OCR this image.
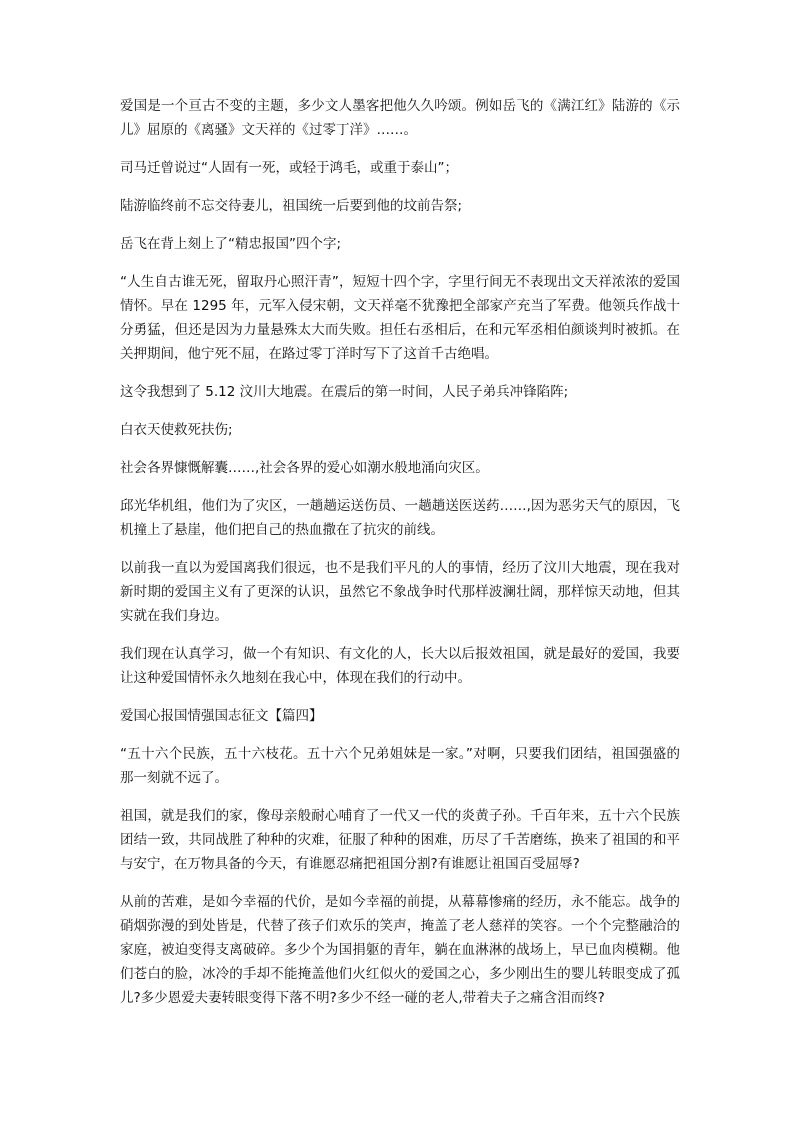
爱国是一个亘古不变的主题，多少文人墨客把他久久吟颂。例如岳飞的《满江红》陆游的《示儿》屈原的《离骚》文天祥的《过零丁洋》……。

司马迁曾说过“人固有一死，或轻于鸿毛，或重于泰山”；

陆游临终前不忘交待妻儿，祖国统一后要到他的坟前告祭;

岳飞在背上刻上了“精忠报国”四个字;

“人生自古谁无死，留取丹心照汗青”，短短十四个字，字里行间无不表现出文天祥浓浓的爱国情怀。早在 1295 年，元军入侵宋朝，文天祥毫不犹豫把全部家产充当了军费。他领兵作战十分勇猛，但还是因为力量悬殊太大而失败。担任右丞相后，在和元军丞相伯颜谈判时被抓。在关押期间，他宁死不屈，在路过零丁洋时写下了这首千古绝唱。

这令我想到了 5.12 汶川大地震。在震后的第一时间，人民子弟兵冲锋陷阵;

白衣天使救死扶伤;

社会各界慷慨解囊……,社会各界的爱心如潮水般地涌向灾区。

邱光华机组，他们为了灾区，一趟趟运送伤员、一趟趟送医送药……,因为恶劣天气的原因，飞机撞上了悬崖，他们把自己的热血撒在了抗灾的前线。

以前我一直以为爱国离我们很远，也不是我们平凡的人的事情，经历了汶川大地震，现在我对新时期的爱国主义有了更深的认识，虽然它不象战争时代那样波澜壮阔，那样惊天动地，但其实就在我们身边。

我们现在认真学习，做一个有知识、有文化的人，长大以后报效祖国，就是最好的爱国，我要让这种爱国情怀永久地刻在我心中，体现在我们的行动中。

爱国心报国情强国志征文【篇四】

“五十六个民族，五十六枝花。五十六个兄弟姐妹是一家。”对啊，只要我们团结，祖国强盛的那一刻就不远了。

祖国，就是我们的家，像母亲般耐心哺育了一代又一代的炎黄子孙。千百年来，五十六个民族团结一致，共同战胜了种种的灾难，征服了种种的困难，历尽了千苦磨练，换来了祖国的和平与安宁，在万物具备的今天，有谁愿忍痛把祖国分割?有谁愿让祖国百受屈辱?

从前的苦难，是如今幸福的代价，是如今幸福的前提，从幕幕惨痛的经历，永不能忘。战争的硝烟弥漫的到处皆是，代替了孩子们欢乐的笑声，掩盖了老人慈祥的笑容。一个个完整融洽的家庭，被迫变得支离破碎。多少个为国捐躯的青年，躺在血淋淋的战场上，早已血肉模糊。他们苍白的脸，冰冷的手却不能掩盖他们火红似火的爱国之心，多少刚出生的婴儿转眼变成了孤儿?多少恩爱夫妻转眼变得下落不明?多少不经一碰的老人,带着夫子之痛含泪而终?
